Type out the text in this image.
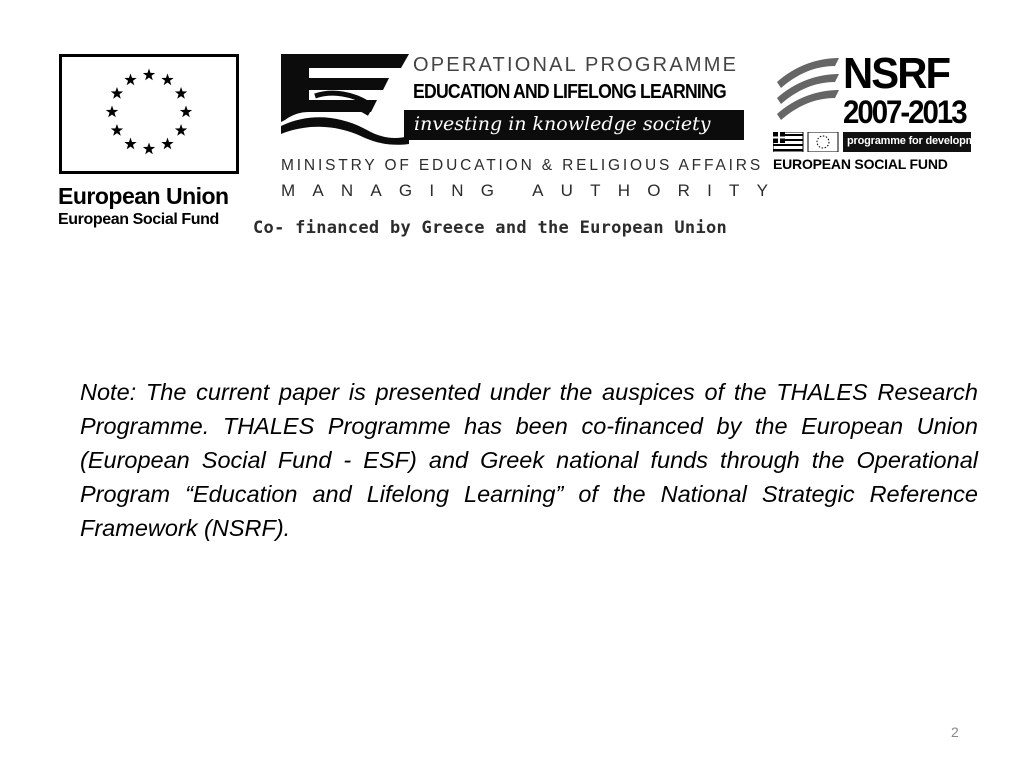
European Union
European Social Fund
OPERATIONAL PROGRAMME
EDUCATION AND LIFELONG LEARNING
investing in knowledge society
MINISTRY OF EDUCATION & RELIGIOUS AFFAIRS
MANAGING AUTHORITY
Co- financed by Greece and the European Union
NSRF
2007-2013
programme for development
EUROPEAN SOCIAL FUND

Note: The current paper is presented under the auspices of the THALES Research Programme. THALES Programme has been co-financed by the European Union (European Social Fund - ESF) and Greek national funds through the Operational Program “Education and Lifelong Learning” of the National Strategic Reference Framework (NSRF).

2
